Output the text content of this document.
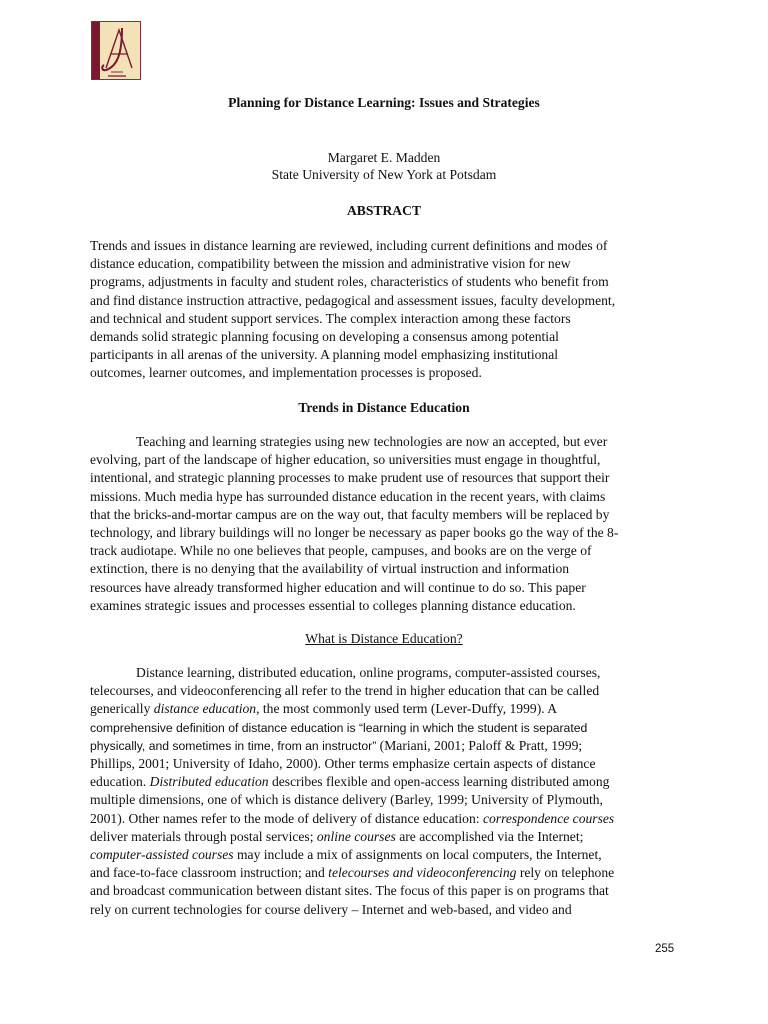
Planning for Distance Learning: Issues and Strategies
Margaret E. Madden
State University of New York at Potsdam
ABSTRACT
Trends and issues in distance learning are reviewed, including current definitions and modes of
distance education, compatibility between the mission and administrative vision for new
programs, adjustments in faculty and student roles, characteristics of students who benefit from
and find distance instruction attractive, pedagogical and assessment issues, faculty development,
and technical and student support services. The complex interaction among these factors
demands solid strategic planning focusing on developing a consensus among potential
participants in all arenas of the university. A planning model emphasizing institutional
outcomes, learner outcomes, and implementation processes is proposed.
Trends in Distance Education
Teaching and learning strategies using new technologies are now an accepted, but ever
evolving, part of the landscape of higher education, so universities must engage in thoughtful,
intentional, and strategic planning processes to make prudent use of resources that support their
missions. Much media hype has surrounded distance education in the recent years, with claims
that the bricks-and-mortar campus are on the way out, that faculty members will be replaced by
technology, and library buildings will no longer be necessary as paper books go the way of the 8-
track audiotape. While no one believes that people, campuses, and books are on the verge of
extinction, there is no denying that the availability of virtual instruction and information
resources have already transformed higher education and will continue to do so. This paper
examines strategic issues and processes essential to colleges planning distance education.
What is Distance Education?
Distance learning, distributed education, online programs, computer-assisted courses,
telecourses, and videoconferencing all refer to the trend in higher education that can be called
generically distance education, the most commonly used term (Lever-Duffy, 1999). A
comprehensive definition of distance education is “learning in which the student is separated
physically, and sometimes in time, from an instructor” (Mariani, 2001; Paloff & Pratt, 1999;
Phillips, 2001; University of Idaho, 2000). Other terms emphasize certain aspects of distance
education. Distributed education describes flexible and open-access learning distributed among
multiple dimensions, one of which is distance delivery (Barley, 1999; University of Plymouth,
2001). Other names refer to the mode of delivery of distance education: correspondence courses
deliver materials through postal services; online courses are accomplished via the Internet;
computer-assisted courses may include a mix of assignments on local computers, the Internet,
and face-to-face classroom instruction; and telecourses and videoconferencing rely on telephone
and broadcast communication between distant sites. The focus of this paper is on programs that
rely on current technologies for course delivery – Internet and web-based, and video and
255
